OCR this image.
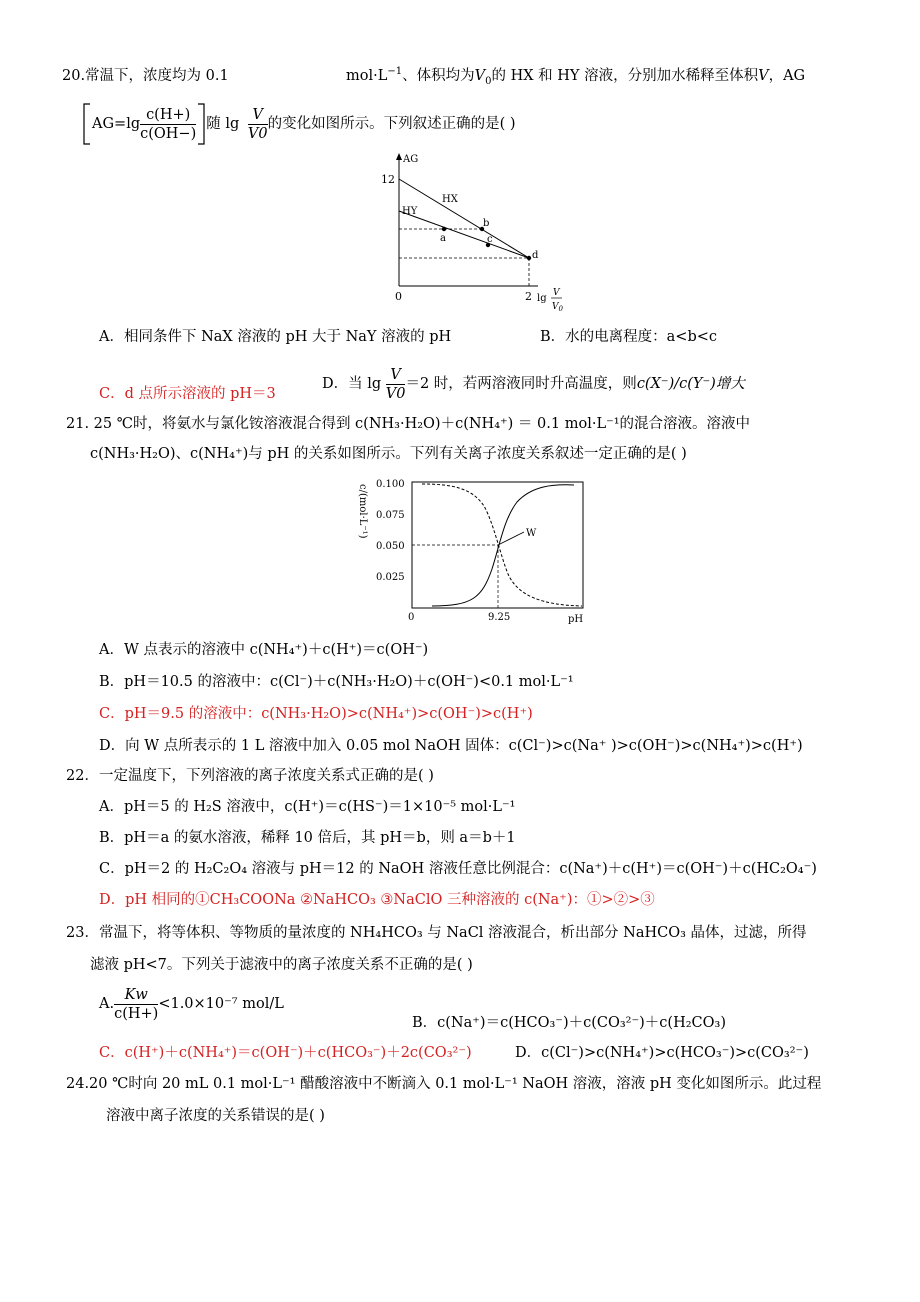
20.常温下，浓度均为 0.1	$mol\cdot L^{-1}$、体积均为$V_0$的 HX 和 HY 溶液，分别加水稀释至体积V，AG
$AG=\lg \frac{c(H+)}{c(OH-)}$ 随 $\lg \frac{V}{V0}$ 的变化如图所示。下列叙述正确的是( )
AG
12
0	2 lg V
$V_0$
HX
HY
a
b
c
d
A．相同条件下 NaX 溶液的 pH 大于 NaY 溶液的 pH	B．水的电离程度：a<b<c
C．d 点所示溶液的 pH＝3
D．当 $\lg \frac{V}{V0} =2$ 时，若两溶液同时升高温度，则c(X⁻)/c(Y⁻)增大
21. 25 ℃时，将氨水与氯化铵溶液混合得到 c(NH₃·H₂O)＋c(NH₄⁺) ＝ 0.1 mol·L⁻¹的混合溶液。溶液中
c(NH₃·H₂O)、c(NH₄⁺)与 pH 的关系如图所示。下列有关离子浓度关系叙述一定正确的是( )
0.100
0.075
0.050
0.025
c/(mol·L⁻¹)	W
0	9.25	pH
A．W 点表示的溶液中 c(NH₄⁺)＋c(H⁺)＝c(OH⁻)
B．pH＝10.5 的溶液中：c(Cl⁻)＋c(NH₃·H₂O)＋c(OH⁻)<0.1 mol·L⁻¹
C．pH＝9.5 的溶液中：c(NH₃·H₂O)>c(NH₄⁺)>c(OH⁻)>c(H⁺)
D．向 W 点所表示的 1 L 溶液中加入 0.05 mol NaOH 固体：c(Cl⁻)>c(Na⁺ )>c(OH⁻)>c(NH₄⁺)>c(H⁺)
22．一定温度下，下列溶液的离子浓度关系式正确的是( )
A．pH＝5 的 H₂S 溶液中，c(H⁺)＝c(HS⁻)＝1×10⁻⁵ mol·L⁻¹
B．pH＝a 的氨水溶液，稀释 10 倍后，其 pH＝b，则 a＝b＋1
C．pH＝2 的 H₂C₂O₄ 溶液与 pH＝12 的 NaOH 溶液任意比例混合：c(Na⁺)＋c(H⁺)＝c(OH⁻)＋c(HC₂O₄⁻)
D．pH 相同的①CH₃COONa ②NaHCO₃ ③NaClO 三种溶液的 c(Na⁺)：①>②>③
23．常温下，将等体积、等物质的量浓度的 NH₄HCO₃ 与 NaCl 溶液混合，析出部分 NaHCO₃ 晶体，过滤，所得
滤液 pH<7。下列关于滤液中的离子浓度关系不正确的是( )
A. $\frac{Kw}{c(H+)} <1.0\times 10^{-7}$ mol/L
B．c(Na⁺)＝c(HCO₃⁻)＋c(CO₃²⁻)＋c(H₂CO₃)
C．c(H⁺)＋c(NH₄⁺)＝c(OH⁻)＋c(HCO₃⁻)＋2c(CO₃²⁻)	D．c(Cl⁻)>c(NH₄⁺)>c(HCO₃⁻)>c(CO₃²⁻)
24.20 ℃时向 20 mL 0.1 mol·L⁻¹ 醋酸溶液中不断滴入 0.1 mol·L⁻¹ NaOH 溶液，溶液 pH 变化如图所示。此过程
溶液中离子浓度的关系错误的是( )
